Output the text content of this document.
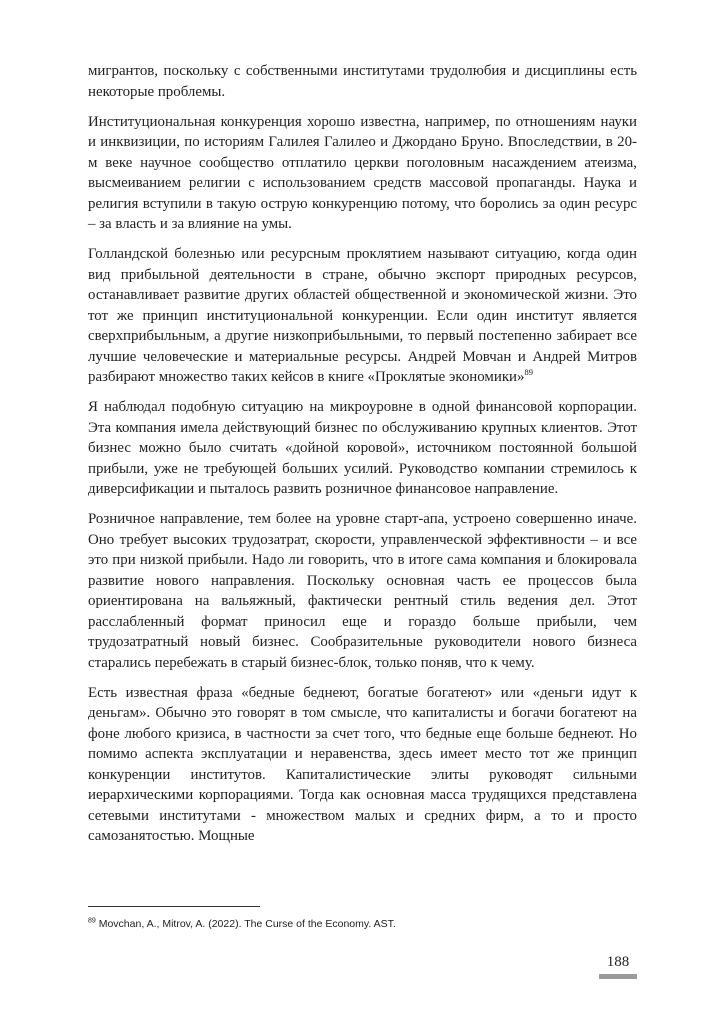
мигрантов, поскольку с собственными институтами трудолюбия и дисциплины есть некоторые проблемы.

Институциональная конкуренция хорошо известна, например, по отношениям науки и инквизиции, по историям Галилея Галилео и Джордано Бруно. Впоследствии, в 20-м веке научное сообщество отплатило церкви поголовным насаждением атеизма, высмеиванием религии с использованием средств массовой пропаганды. Наука и религия вступили в такую острую конкуренцию потому, что боролись за один ресурс – за власть и за влияние на умы.

Голландской болезнью или ресурсным проклятием называют ситуацию, когда один вид прибыльной деятельности в стране, обычно экспорт природных ресурсов, останавливает развитие других областей общественной и экономической жизни. Это тот же принцип институциональной конкуренции. Если один институт является сверхприбыльным, а другие низкоприбыльными, то первый постепенно забирает все лучшие человеческие и материальные ресурсы. Андрей Мовчан и Андрей Митров разбирают множество таких кейсов в книге «Проклятые экономики»$^{89}$

Я наблюдал подобную ситуацию на микроуровне в одной финансовой корпорации. Эта компания имела действующий бизнес по обслуживанию крупных клиентов. Этот бизнес можно было считать «дойной коровой», источником постоянной большой прибыли, уже не требующей больших усилий. Руководство компании стремилось к диверсификации и пыталось развить розничное финансовое направление.

Розничное направление, тем более на уровне старт-апа, устроено совершенно иначе. Оно требует высоких трудозатрат, скорости, управленческой эффективности – и все это при низкой прибыли. Надо ли говорить, что в итоге сама компания и блокировала развитие нового направления. Поскольку основная часть ее процессов была ориентирована на вальяжный, фактически рентный стиль ведения дел. Этот расслабленный формат приносил еще и гораздо больше прибыли, чем трудозатратный новый бизнес. Сообразительные руководители нового бизнеса старались перебежать в старый бизнес-блок, только поняв, что к чему.

Есть известная фраза «бедные беднеют, богатые богатеют» или «деньги идут к деньгам». Обычно это говорят в том смысле, что капиталисты и богачи богатеют на фоне любого кризиса, в частности за счет того, что бедные еще больше беднеют. Но помимо аспекта эксплуатации и неравенства, здесь имеет место тот же принцип конкуренции институтов. Капиталистические элиты руководят сильными иерархическими корпорациями. Тогда как основная масса трудящихся представлена сетевыми институтами - множеством малых и средних фирм, а то и просто самозанятостью. Мощные

$^{89}$ Movchan, A., Mitrov, A. (2022). The Curse of the Economy. AST.
188
